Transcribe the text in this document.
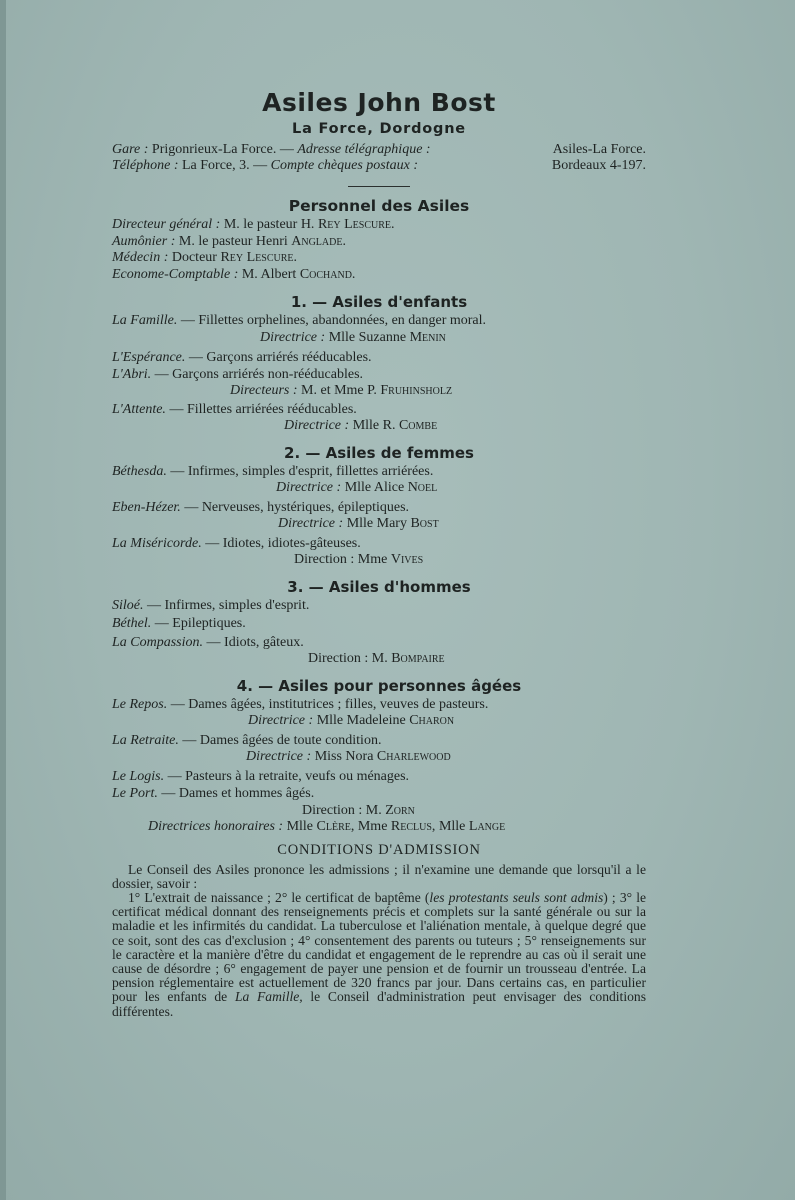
Asiles John Bost
La Force, Dordogne
Gare : Prigonrieux-La Force. — Adresse télégraphique :	Asiles-La Force.
Téléphone : La Force, 3. — Compte chèques postaux :	Bordeaux 4-197.
Personnel des Asiles
Directeur général : M. le pasteur H. Rey Lescure.
Aumônier : M. le pasteur Henri Anglade.
Médecin : Docteur Rey Lescure.
Econome-Comptable : M. Albert Cochand.
1. — Asiles d'enfants
La Famille. — Fillettes orphelines, abandonnées, en danger moral.
Directrice : Mlle Suzanne Menin
L'Espérance. — Garçons arriérés rééducables.
L'Abri. — Garçons arriérés non-rééducables.
Directeurs : M. et Mme P. Fruhinsholz
L'Attente. — Fillettes arriérées rééducables.
Directrice : Mlle R. Combe
2. — Asiles de femmes
Béthesda. — Infirmes, simples d'esprit, fillettes arriérées.
Directrice : Mlle Alice Noel
Eben-Hézer. — Nerveuses, hystériques, épileptiques.
Directrice : Mlle Mary Bost
La Miséricorde. — Idiotes, idiotes-gâteuses.
Direction : Mme Vives
3. — Asiles d'hommes
Siloé. — Infirmes, simples d'esprit.
Béthel. — Epileptiques.
La Compassion. — Idiots, gâteux.
Direction : M. Bompaire
4. — Asiles pour personnes âgées
Le Repos. — Dames âgées, institutrices ; filles, veuves de pasteurs.
Directrice : Mlle Madeleine Charon
La Retraite. — Dames âgées de toute condition.
Directrice : Miss Nora Charlewood
Le Logis. — Pasteurs à la retraite, veufs ou ménages.
Le Port. — Dames et hommes âgés.
Direction : M. Zorn
Directrices honoraires : Mlle Clère, Mme Reclus, Mlle Lange
CONDITIONS D'ADMISSION
Le Conseil des Asiles prononce les admissions ; il n'examine une demande que lorsqu'il a le dossier, savoir :
1° L'extrait de naissance ; 2° le certificat de baptême (les protestants seuls sont admis) ; 3° le certificat médical donnant des renseignements précis et complets sur la santé générale ou sur la maladie et les infirmités du candidat. La tuberculose et l'aliénation mentale, à quelque degré que ce soit, sont des cas d'exclusion ; 4° consentement des parents ou tuteurs ; 5° renseignements sur le caractère et la manière d'être du candidat et engagement de le reprendre au cas où il serait une cause de désordre ; 6° engagement de payer une pension et de fournir un trousseau d'entrée. La pension réglementaire est actuellement de 320 francs par jour. Dans certains cas, en particulier pour les enfants de La Famille, le Conseil d'administration peut envisager des conditions différentes.
